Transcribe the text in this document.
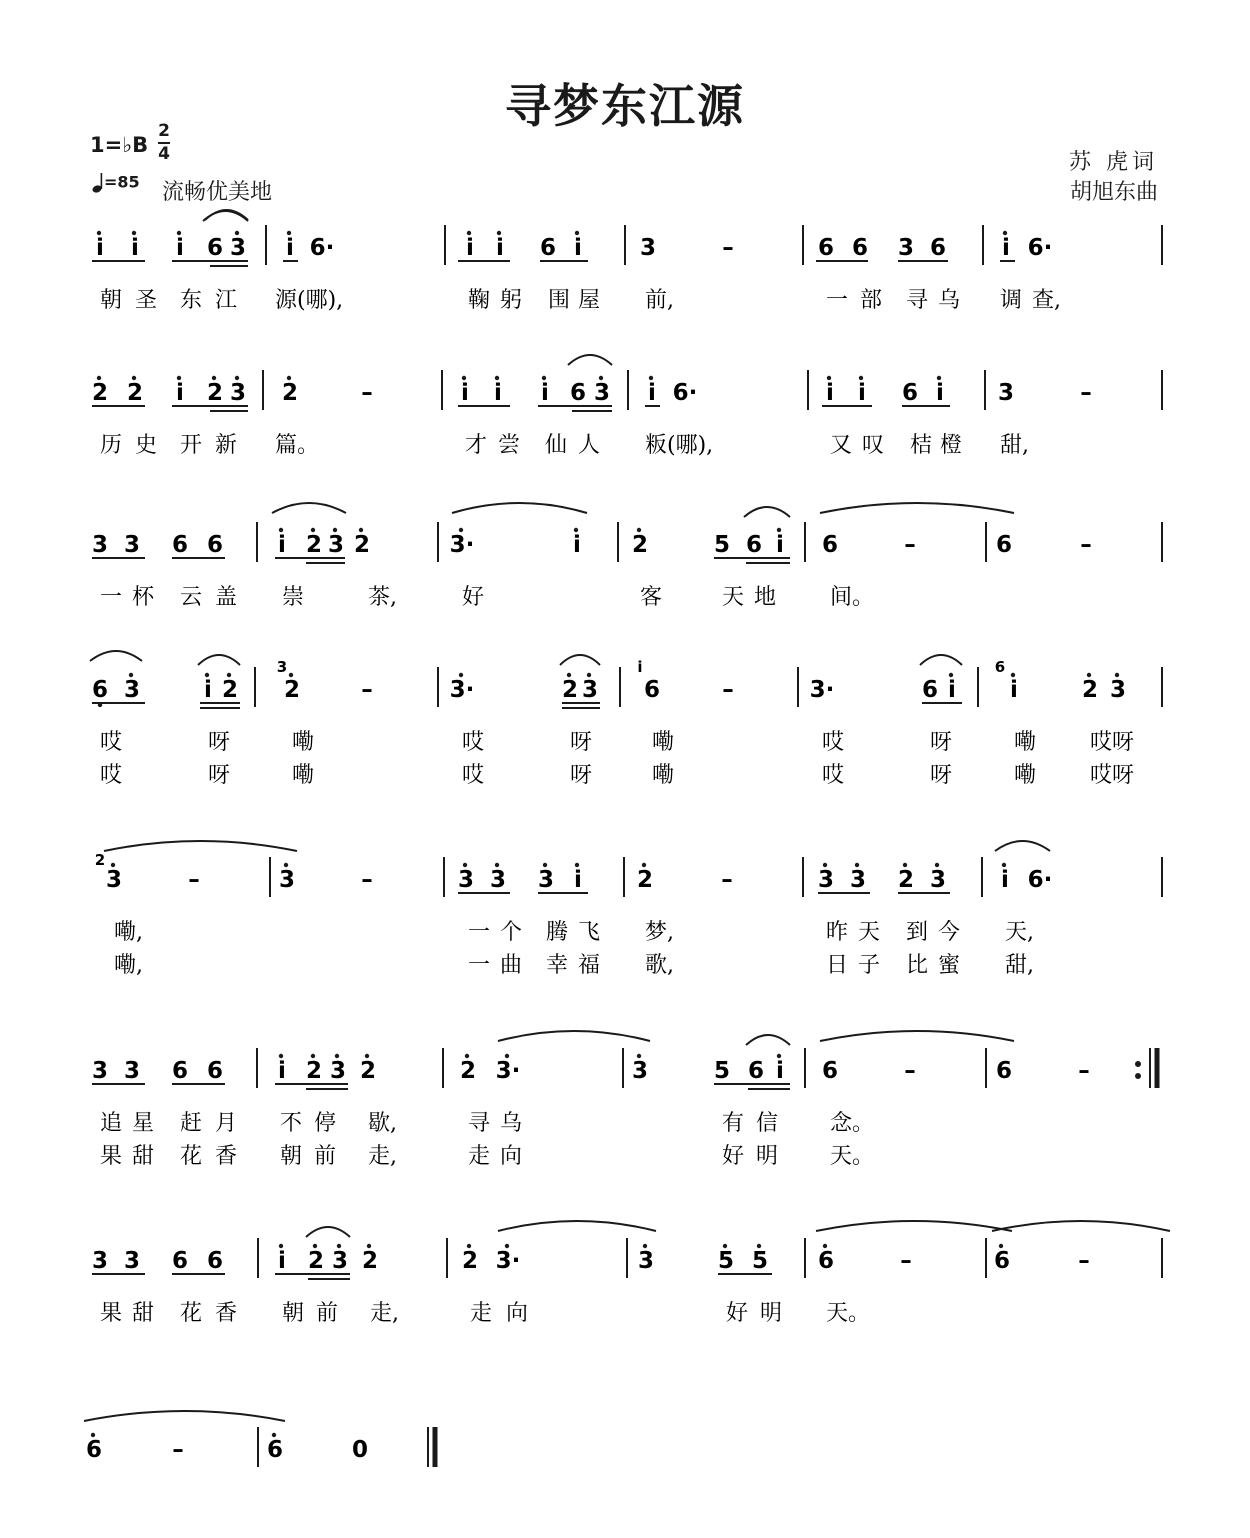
寻梦东江源
1=♭B
2
4
=85 流畅优美地
苏 虎词
胡旭东曲
i i i 6 3 i 6·	i i 6 i	3	–	6 6 3 6 i 6·
朝 圣 东 江 源(哪),	鞠 躬 围 屋 前,	一 部 寻 乌 调 查,
2 2 i 2 3 2	–	i i i 6 3 i 6·	i i 6 i 3	–
历 史 开 新 篇。	才 尝 仙 人 粄(哪),	又 叹 桔 橙 甜,
3 3 6 6 i 2 3 2	3·	i 2	5 6 i 6	–	6	–
一 杯 云 盖 崇	茶,	好	客	天 地 间。
6 3	i 2 2	–	3·	2 3 6	–	3·	6 i i	2 3
3	i	6
哎	呀	嘞	哎	呀	嘞	哎	呀	嘞 哎呀
哎	呀	嘞	哎	呀	嘞	哎	呀	嘞 哎呀
3	–	3	–	3 3 3 i 2	–	3 3 2 3 i 6·
2
嘞,	一 个 腾 飞 梦,	昨 天 到 今 天,
嘞,	一 曲 幸 福 歌,	日 子 比 蜜 甜,
3 3 6 6 i 2 3 2	2 3·	3	5 6 i 6	–	6	–
追 星 赶 月 不 停 歇,	寻 乌	有 信 念。
果 甜 花 香 朝 前 走,	走 向	好 明 天。
3 3 6 6 i 2 3 2	2 3·	3	5 5 6	–	6	–
果 甜 花 香 朝 前 走,	走 向	好 明 天。
6	–	6	0
